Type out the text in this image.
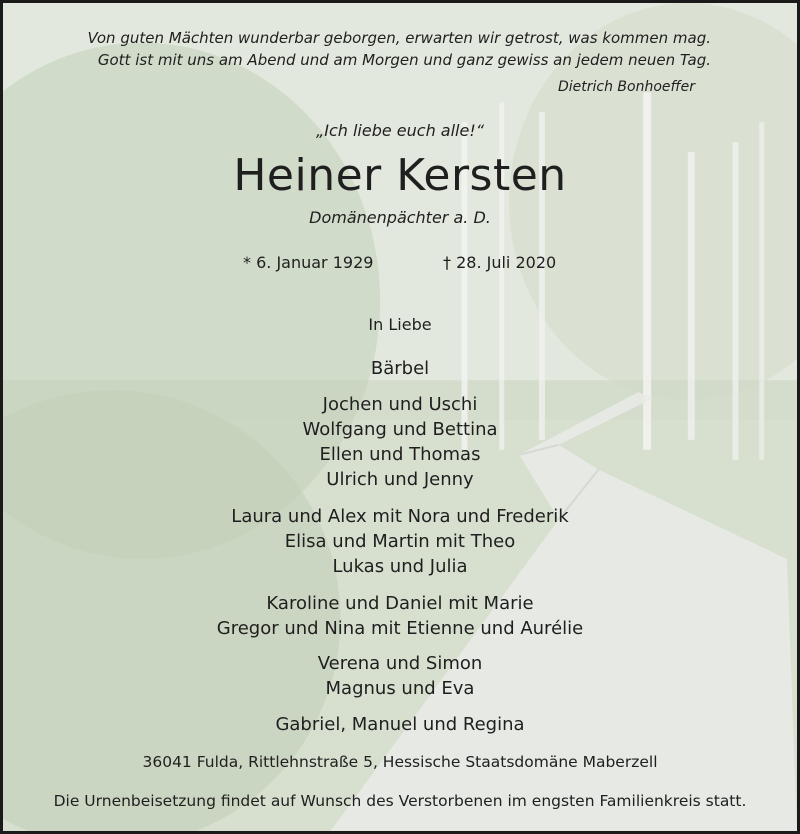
Von guten Mächten wunderbar geborgen, erwarten wir getrost, was kommen mag.
Gott ist mit uns am Abend und am Morgen und ganz gewiss an jedem neuen Tag.
Dietrich Bonhoeffer
„Ich liebe euch alle!“
Heiner Kersten
Domänenpächter a. D.
* 6. Januar 1929	† 28. Juli 2020
In Liebe
Bärbel
Jochen und Uschi
Wolfgang und Bettina
Ellen und Thomas
Ulrich und Jenny
Laura und Alex mit Nora und Frederik
Elisa und Martin mit Theo
Lukas und Julia
Karoline und Daniel mit Marie
Gregor und Nina mit Etienne und Aurélie
Verena und Simon
Magnus und Eva
Gabriel, Manuel und Regina
36041 Fulda, Rittlehnstraße 5, Hessische Staatsdomäne Maberzell
Die Urnenbeisetzung findet auf Wunsch des Verstorbenen im engsten Familienkreis statt.
